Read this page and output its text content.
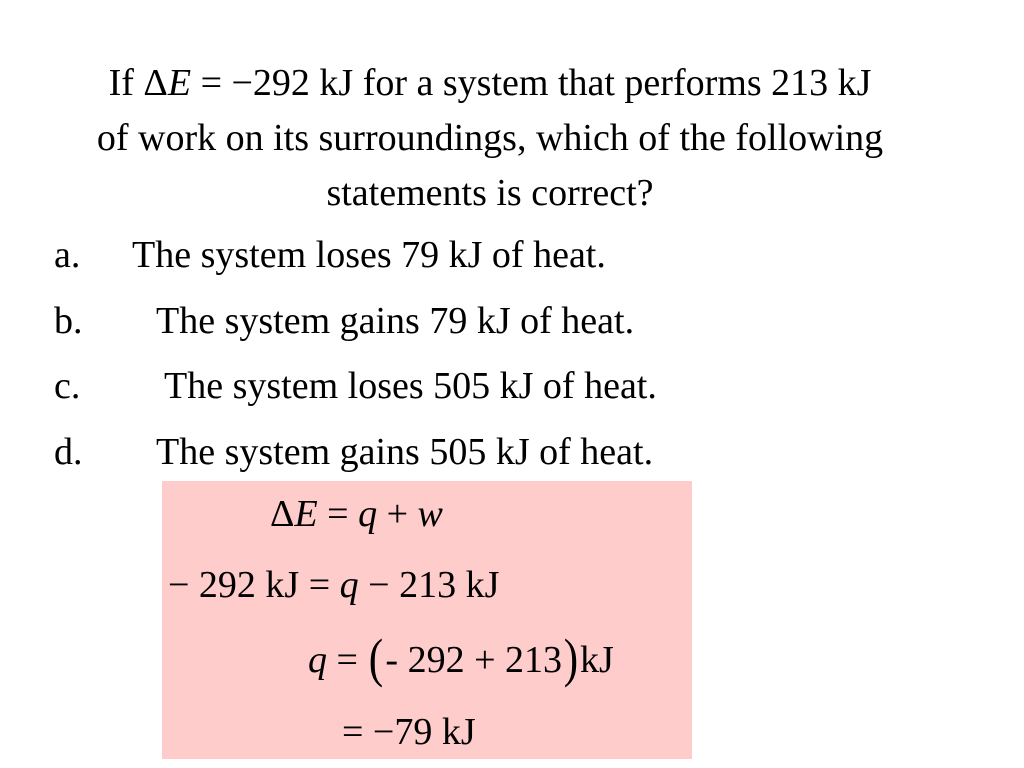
If ΔE = −292 kJ for a system that performs 213 kJ
of work on its surroundings, which of the following
statements is correct?
a. The system loses 79 kJ of heat.
b. The system gains 79 kJ of heat.
c. The system loses 505 kJ of heat.
d. The system gains 505 kJ of heat.
ΔE = q + w
− 292 kJ = q − 213 kJ
q = (- 292 + 213)kJ
= −79 kJ
